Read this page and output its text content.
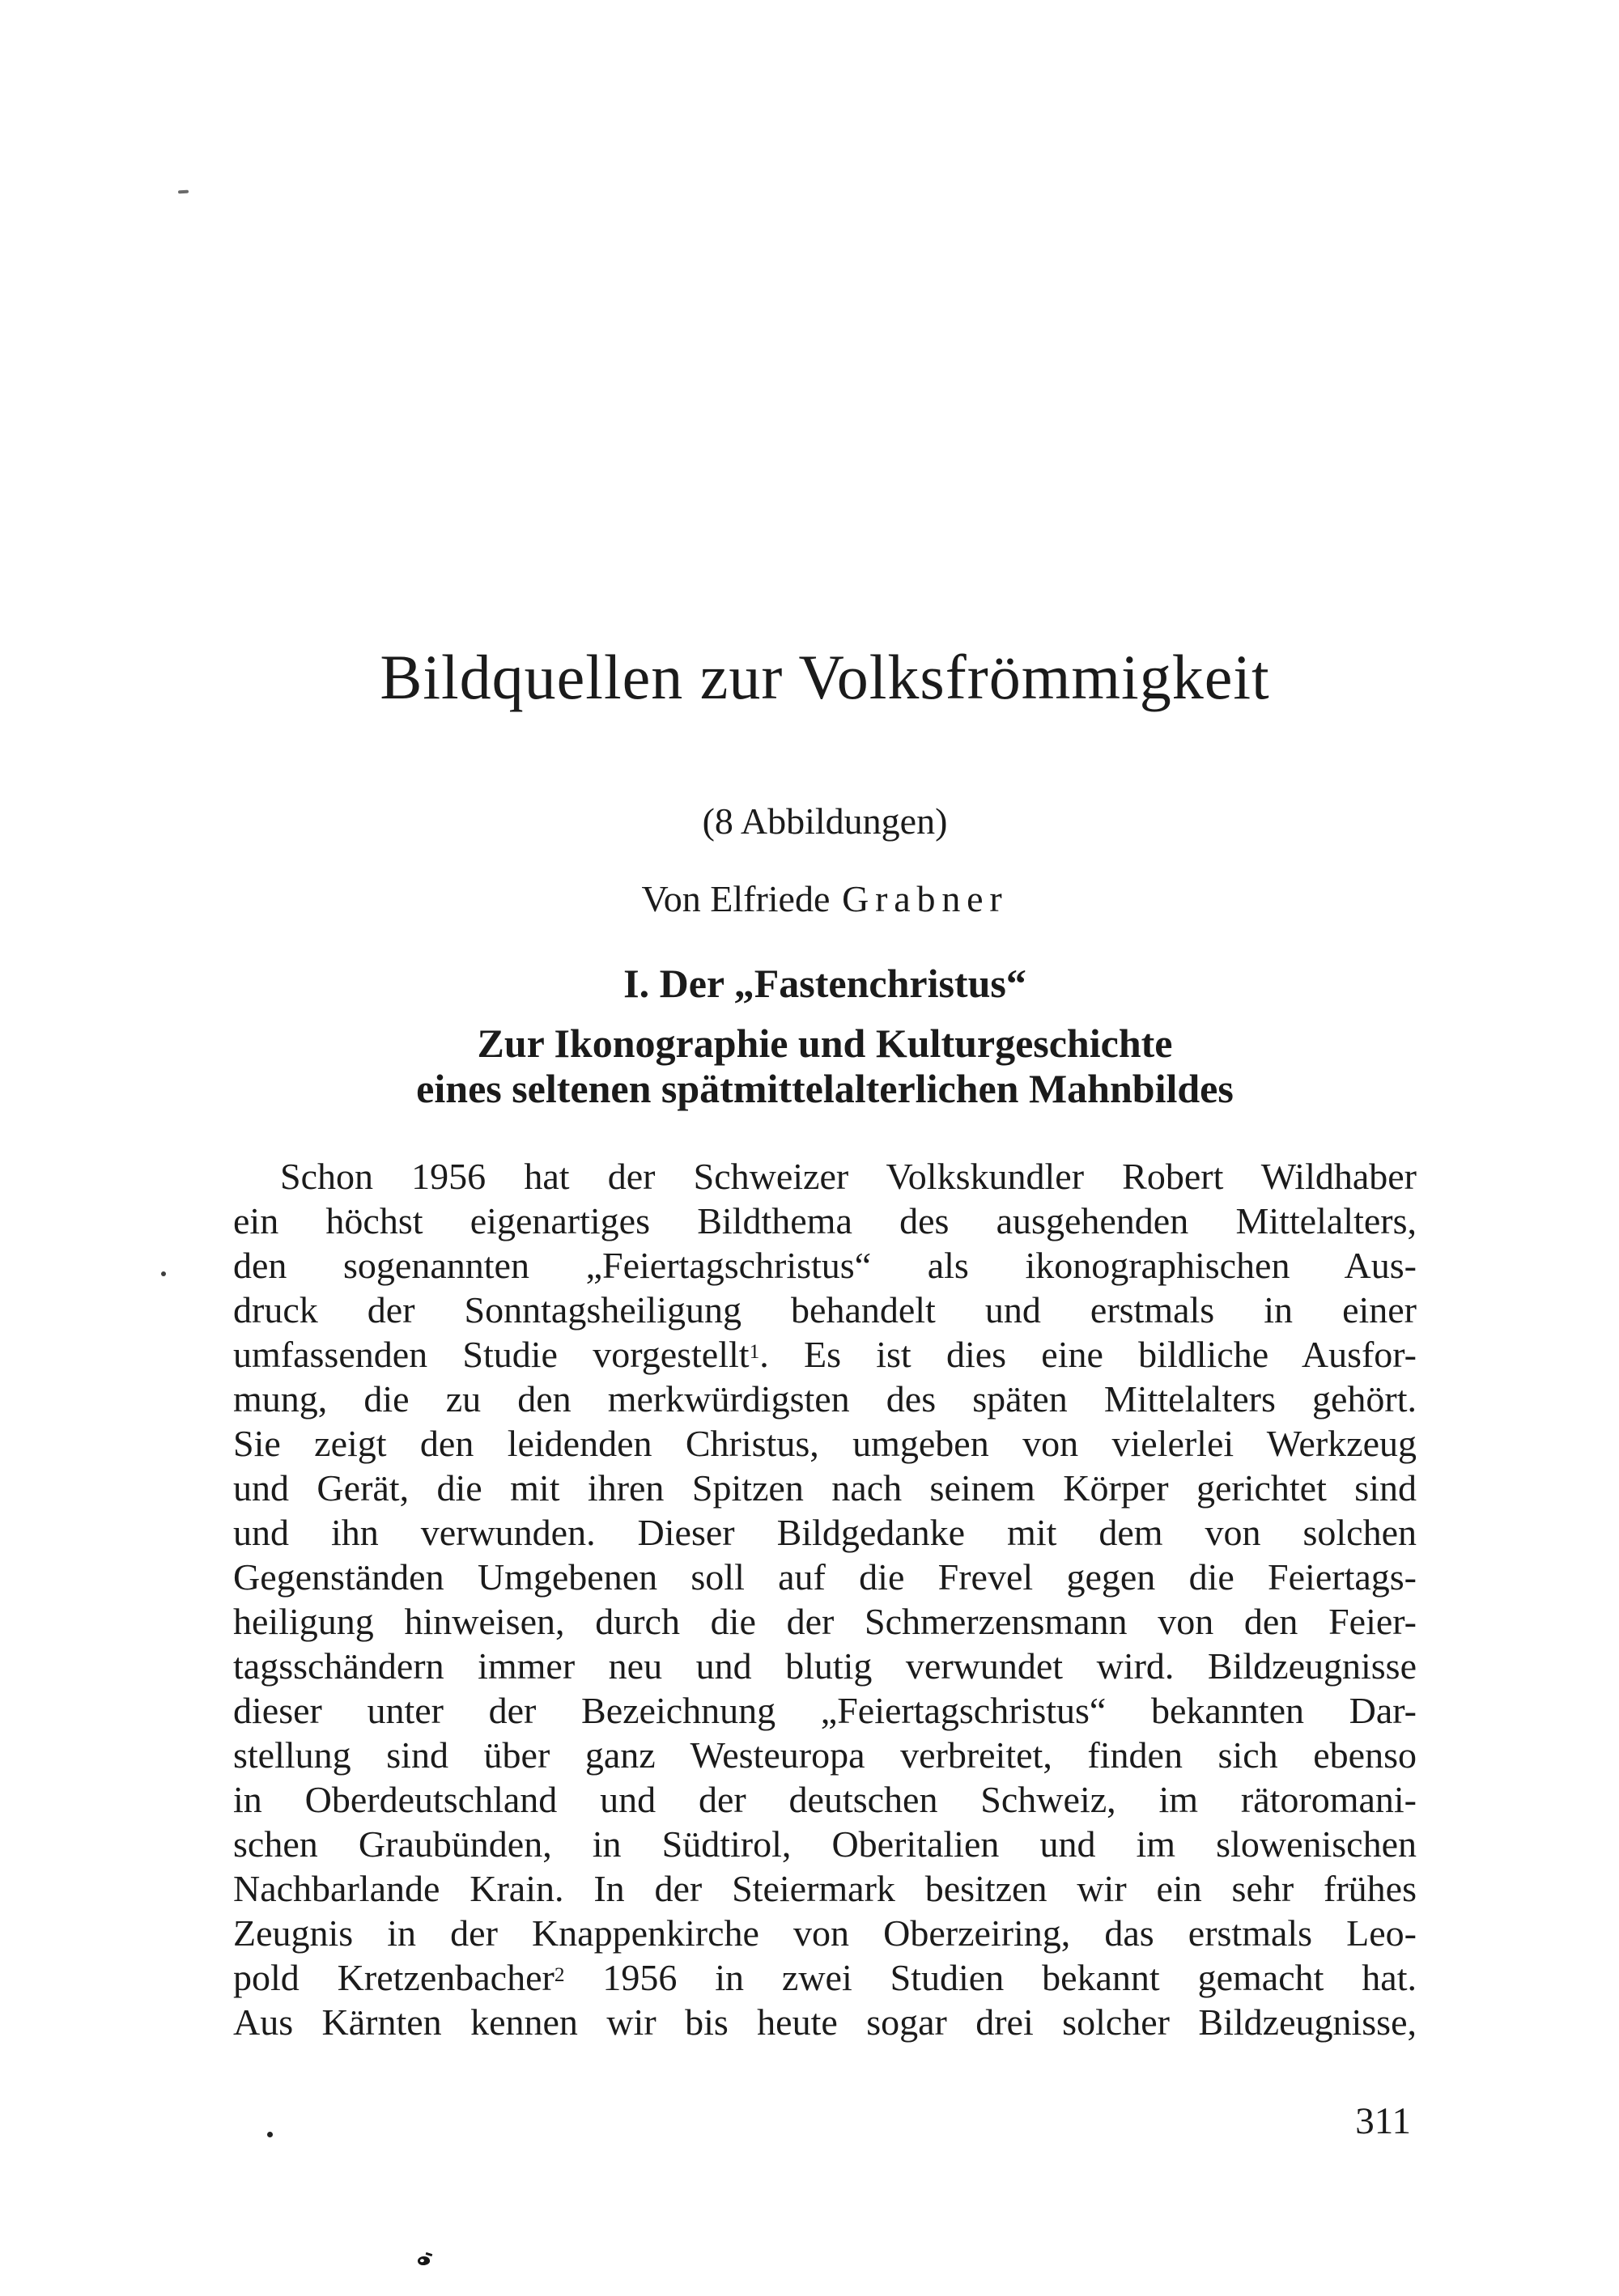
Bildquellen zur Volksfrömmigkeit
(8 Abbildungen)
Von Elfriede Grabner
I. Der „Fastenchristus“
Zur Ikonographie und Kulturgeschichte
eines seltenen spätmittelalterlichen Mahnbildes
Schon 1956 hat der Schweizer Volkskundler Robert Wildhaber
ein höchst eigenartiges Bildthema des ausgehenden Mittelalters,
den sogenannten „Feiertagschristus“ als ikonographischen Aus-
druck der Sonntagsheiligung behandelt und erstmals in einer
umfassenden Studie vorgestellt$^1$. Es ist dies eine bildliche Ausfor-
mung, die zu den merkwürdigsten des späten Mittelalters gehört.
Sie zeigt den leidenden Christus, umgeben von vielerlei Werkzeug
und Gerät, die mit ihren Spitzen nach seinem Körper gerichtet sind
und ihn verwunden. Dieser Bildgedanke mit dem von solchen
Gegenständen Umgebenen soll auf die Frevel gegen die Feiertags-
heiligung hinweisen, durch die der Schmerzensmann von den Feier-
tagsschändern immer neu und blutig verwundet wird. Bildzeugnisse
dieser unter der Bezeichnung „Feiertagschristus“ bekannten Dar-
stellung sind über ganz Westeuropa verbreitet, finden sich ebenso
in Oberdeutschland und der deutschen Schweiz, im rätoromani-
schen Graubünden, in Südtirol, Oberitalien und im slowenischen
Nachbarlande Krain. In der Steiermark besitzen wir ein sehr frühes
Zeugnis in der Knappenkirche von Oberzeiring, das erstmals Leo-
pold Kretzenbacher$^2$ 1956 in zwei Studien bekannt gemacht hat.
Aus Kärnten kennen wir bis heute sogar drei solcher Bildzeugnisse,
311
